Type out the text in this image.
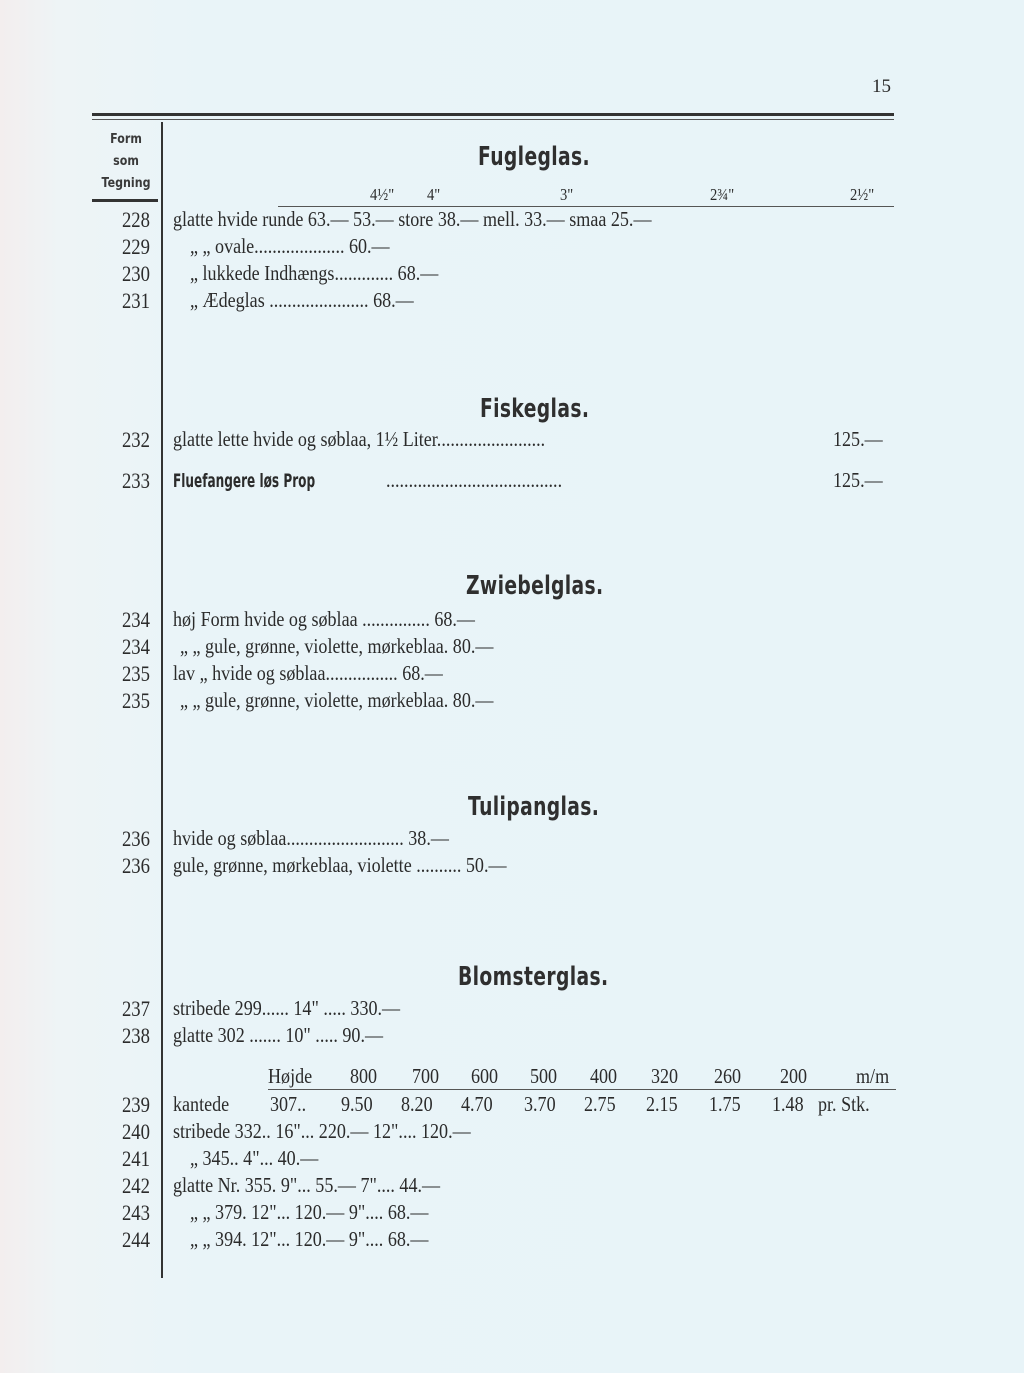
15
Form
som
Tegning
Fugleglas.
4½" 4"	3"	2¾"	2½"
228 glatte hvide runde 63.— 53.— store 38.— mell. 33.— smaa 25.—
229 „ „ ovale.................... 60.—
230 „ lukkede Indhængs............. 68.—
231 „ Ædeglas ...................... 68.—
Fiskeglas.
232 glatte lette hvide og søblaa, 1½ Liter........................	125.—
233 Fluefangere løs Prop	.......................................	125.—
Zwiebelglas.
234 høj Form hvide og søblaa ............... 68.—
234 „ „ gule, grønne, violette, mørkeblaa. 80.—
235 lav „ hvide og søblaa................ 68.—
235 „ „ gule, grønne, violette, mørkeblaa. 80.—
Tulipanglas.
236 hvide og søblaa.......................... 38.—
236 gule, grønne, mørkeblaa, violette .......... 50.—
Blomsterglas.
237 stribede 299...... 14" ..... 330.—
238 glatte 302 ....... 10" ..... 90.—
Højde 800 700 600 500 400 320 260 200 m/m
239 kantede 307.. 9.50 8.20 4.70 3.70 2.75 2.15 1.75 1.48 pr. Stk.
240 stribede 332.. 16"... 220.— 12".... 120.—
241 „ 345.. 4"... 40.—
242 glatte Nr. 355. 9"... 55.— 7".... 44.—
243 „ „ 379. 12"... 120.— 9".... 68.—
244 „ „ 394. 12"... 120.— 9".... 68.—
